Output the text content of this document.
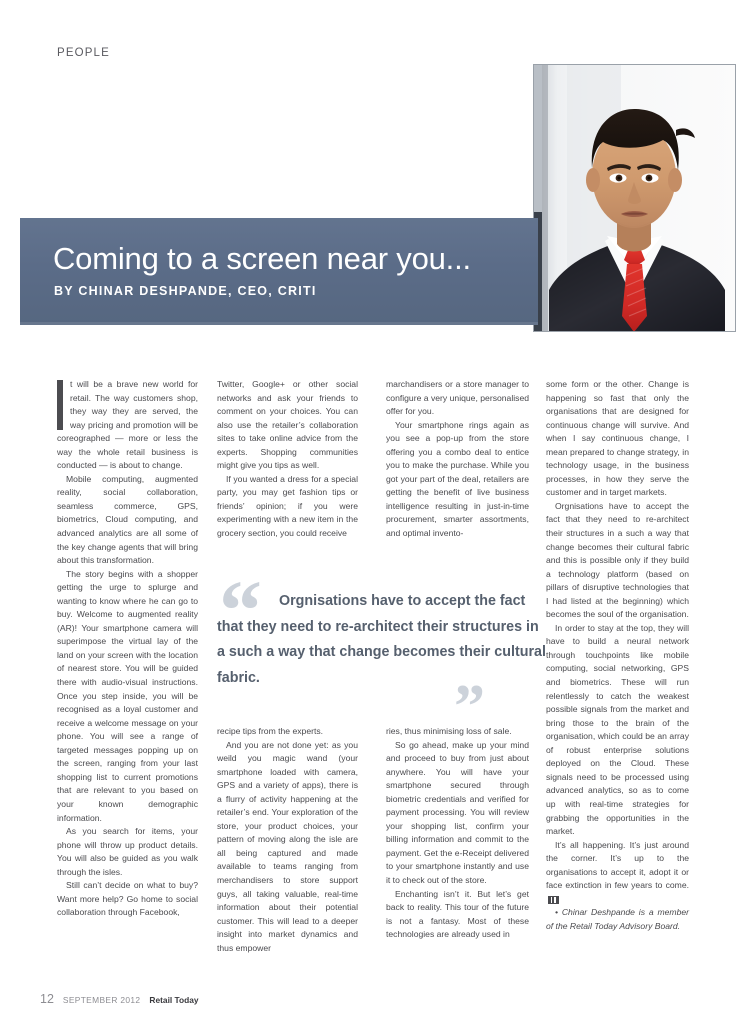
PEOPLE
Coming to a screen near you...
BY CHINAR DESHPANDE, CEO, CRITI

t will be a brave new world for retail. The way customers shop, they way they are served, the way pricing and promotion will be coreographed — more or less the way the whole retail business is conducted — is about to change.

Mobile computing, augmented reality, social collaboration, seamless commerce, GPS, biometrics, Cloud computing, and advanced analytics are all some of the key change agents that will bring about this transformation.

The story begins with a shopper getting the urge to splurge and wanting to know where he can go to buy. Welcome to augmented reality (AR)! Your smartphone camera will superimpose the virtual lay of the land on your screen with the location of nearest store. You will be guided there with audio-visual instructions. Once you step inside, you will be recognised as a loyal customer and receive a welcome message on your phone. You will see a range of targeted messages popping up on the screen, ranging from your last shopping list to current promotions that are relevant to you based on your known demographic information.

As you search for items, your phone will throw up product details. You will also be guided as you walk through the isles.

Still can’t decide on what to buy? Want more help? Go home to social collaboration through Facebook,

Twitter, Google+ or other social networks and ask your friends to comment on your choices. You can also use the retailer’s collaboration sites to take online advice from the experts. Shopping communities might give you tips as well.

If you wanted a dress for a special party, you may get fashion tips or friends’ opinion; if you were experimenting with a new item in the grocery section, you could receive

marchandisers or a store manager to configure a very unique, personalised offer for you.

Your smartphone rings again as you see a pop-up from the store offering you a combo deal to entice you to make the purchase. While you got your part of the deal, retailers are getting the benefit of live business intelligence resulting in just-in-time procurement, smarter assortments, and optimal invento-

some form or the other. Change is happening so fast that only the organisations that are designed for continuous change will survive. And when I say continuous change, I mean prepared to change strategy, in technology usage, in the business processes, in how they serve the customer and in target markets.

Orgnisations have to accept the fact that they need to re-architect their structures in a such a way that change becomes their cultural fabric and this is possible only if they build a technology platform (based on pillars of disruptive technologies that I had listed at the beginning) which becomes the soul of the organisation.

In order to stay at the top, they will have to build a neural network through touchpoints like mobile computing, social networking, GPS and biometrics. These will run relentlessly to catch the weakest possible signals from the market and bring those to the brain of the organisation, which could be an array of robust enterprise solutions deployed on the Cloud. These signals need to be processed using advanced analytics, so as to come up with real-time strategies for grabbing the opportunities in the market.

It’s all happening. It’s just around the corner. It’s up to the organisations to accept it, adopt it or face extinction in few years to come.

• Chinar Deshpande is a member of the Retail Today Advisory Board.

“	Orgnisations have to accept the fact that they need to re-architect their structures in a such a way that change becomes their cultural fabric.	”

recipe tips from the experts.

And you are not done yet: as you weild you magic wand (your smartphone loaded with camera, GPS and a variety of apps), there is a flurry of activity happening at the retailer’s end. Your exploration of the store, your product choices, your pattern of moving along the isle are all being captured and made available to teams ranging from merchandisers to store support guys, all taking valuable, real-time information about their potential customer. This will lead to a deeper insight into market dynamics and thus empower

ries, thus minimising loss of sale.

So go ahead, make up your mind and proceed to buy from just about anywhere. You will have your smartphone secured through biometric credentials and verified for payment processing. You will review your shopping list, confirm your billing information and commit to the payment. Get the e-Receipt delivered to your smartphone instantly and use it to check out of the store.

Enchanting isn’t it. But let’s get back to reality. This tour of the future is not a fantasy. Most of these technologies are already used in

12 SEPTEMBER 2012 Retail Today
